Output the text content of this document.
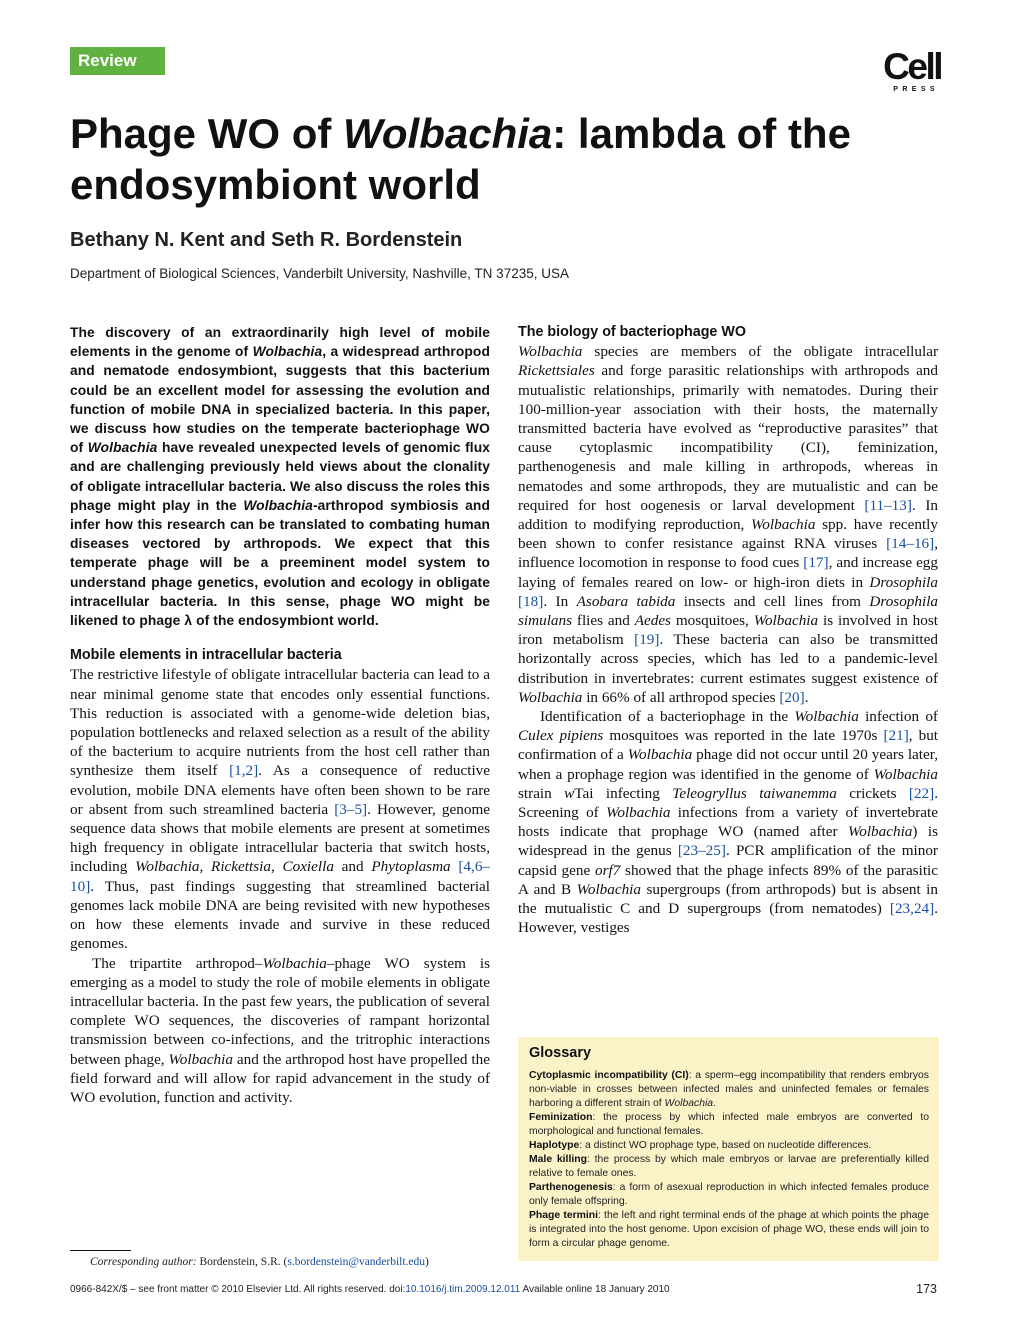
Review	Cell
PRESS
Phage WO of Wolbachia: lambda of the endosymbiont world
Bethany N. Kent and Seth R. Bordenstein
Department of Biological Sciences, Vanderbilt University, Nashville, TN 37235, USA

The discovery of an extraordinarily high level of mobile elements in the genome of Wolbachia, a widespread arthropod and nematode endosymbiont, suggests that this bacterium could be an excellent model for assessing the evolution and function of mobile DNA in specialized bacteria. In this paper, we discuss how studies on the temperate bacteriophage WO of Wolbachia have revealed unexpected levels of genomic flux and are challenging previously held views about the clonality of obligate intracellular bacteria. We also discuss the roles this phage might play in the Wolbachia-arthropod symbiosis and infer how this research can be translated to combating human diseases vectored by arthropods. We expect that this temperate phage will be a preeminent model system to understand phage genetics, evolution and ecology in obligate intracellular bacteria. In this sense, phage WO might be likened to phage λ of the endosymbiont world.

Mobile elements in intracellular bacteria

The restrictive lifestyle of obligate intracellular bacteria can lead to a near minimal genome state that encodes only essential functions. This reduction is associated with a genome-wide deletion bias, population bottlenecks and relaxed selection as a result of the ability of the bacterium to acquire nutrients from the host cell rather than synthesize them itself [1,2]. As a consequence of reductive evolution, mobile DNA elements have often been shown to be rare or absent from such streamlined bacteria [3–5]. However, genome sequence data shows that mobile elements are present at sometimes high frequency in obligate intracellular bacteria that switch hosts, including Wolbachia, Rickettsia, Coxiella and Phytoplasma [4,6–10]. Thus, past findings suggesting that streamlined bacterial genomes lack mobile DNA are being revisited with new hypotheses on how these elements invade and survive in these reduced genomes.

The tripartite arthropod–Wolbachia–phage WO system is emerging as a model to study the role of mobile elements in obligate intracellular bacteria. In the past few years, the publication of several complete WO sequences, the discoveries of rampant horizontal transmission between co-infections, and the tritrophic interactions between phage, Wolbachia and the arthropod host have propelled the field forward and will allow for rapid advancement in the study of WO evolution, function and activity.

The biology of bacteriophage WO

Wolbachia species are members of the obligate intracellular Rickettsiales and forge parasitic relationships with arthropods and mutualistic relationships, primarily with nematodes. During their 100-million-year association with their hosts, the maternally transmitted bacteria have evolved as “reproductive parasites” that cause cytoplasmic incompatibility (CI), feminization, parthenogenesis and male killing in arthropods, whereas in nematodes and some arthropods, they are mutualistic and can be required for host oogenesis or larval development [11–13]. In addition to modifying reproduction, Wolbachia spp. have recently been shown to confer resistance against RNA viruses [14–16], influence locomotion in response to food cues [17], and increase egg laying of females reared on low- or high-iron diets in Drosophila [18]. In Asobara tabida insects and cell lines from Drosophila simulans flies and Aedes mosquitoes, Wolbachia is involved in host iron metabolism [19]. These bacteria can also be transmitted horizontally across species, which has led to a pandemic-level distribution in invertebrates: current estimates suggest existence of Wolbachia in 66% of all arthropod species [20].

Identification of a bacteriophage in the Wolbachia infection of Culex pipiens mosquitoes was reported in the late 1970s [21], but confirmation of a Wolbachia phage did not occur until 20 years later, when a prophage region was identified in the genome of Wolbachia strain wTai infecting Teleogryllus taiwanemma crickets [22]. Screening of Wolbachia infections from a variety of invertebrate hosts indicate that prophage WO (named after Wolbachia) is widespread in the genus [23–25]. PCR amplification of the minor capsid gene orf7 showed that the phage infects 89% of the parasitic A and B Wolbachia supergroups (from arthropods) but is absent in the mutualistic C and D supergroups (from nematodes) [23,24]. However, vestiges

Glossary

Cytoplasmic incompatibility (CI): a sperm–egg incompatibility that renders embryos non-viable in crosses between infected males and uninfected females or females harboring a different strain of Wolbachia.

Feminization: the process by which infected male embryos are converted to morphological and functional females.

Haplotype: a distinct WO prophage type, based on nucleotide differences.

Male killing: the process by which male embryos or larvae are preferentially killed relative to female ones.

Parthenogenesis: a form of asexual reproduction in which infected females produce only female offspring.

Phage termini: the left and right terminal ends of the phage at which points the phage is integrated into the host genome. Upon excision of phage WO, these ends will join to form a circular phage genome.

Corresponding author: Bordenstein, S.R. (s.bordenstein@vanderbilt.edu)
0966-842X/$ – see front matter © 2010 Elsevier Ltd. All rights reserved. doi:10.1016/j.tim.2009.12.011 Available online 18 January 2010	173
